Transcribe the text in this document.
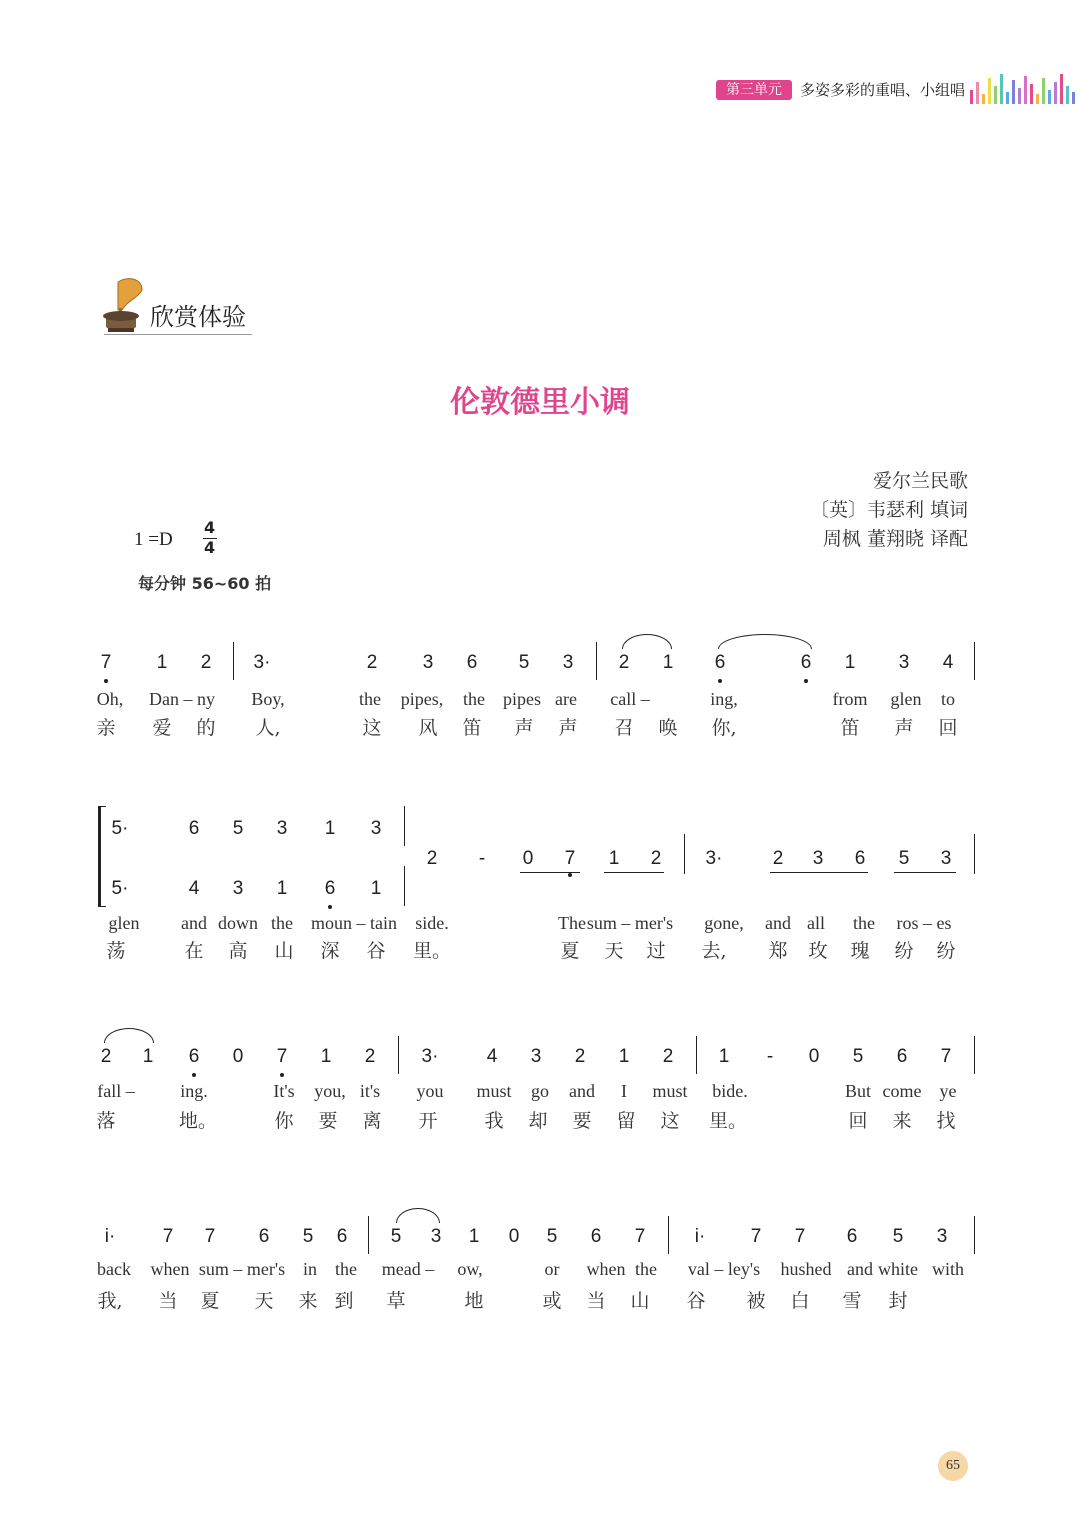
第三单元	多姿多彩的重唱、小组唱
欣赏体验
伦敦德里小调
爱尔兰民歌
〔英〕韦瑟利 填词
周枫 董翔晓 译配
1 =D
4
4
每分钟 56~60 拍
7 1 2 3·	2 3 6 5 3 2 1 6	6 1 3 4
Oh, Dan – ny Boy,	the pipes, the pipes are call –	ing,	from glen to
亲 爱 的 人,	这 风 笛 声 声 召 唤 你,	笛 声 回
5·	6 5 3 1 3
5·	4 3 1 6 1
2	-	0 7 1 2 3·	2 3 6 5 3
glen and down the moun – tain side.	The sum – mer's gone, and all the ros – es
荡	在 高 山 深 谷 里。	夏 天 过 去, 郑 玫 瑰 纷 纷
2 1 6 0 7 1 2 3·	4 3 2 1 2 1	-	0 5 6 7
fall –	ing.	It's you, it's you must go and I must bide.	But come ye
落	地。	你 要 离 开 我 却 要 留 这 里。	回 来 找
i· 7 7 6 5 6 5 3 1 0 5 6 7	i· 7 7 6 5 3
back when sum – mer's in the mead – ow,	or when the val – ley's hushed and white with
我, 当 夏 天 来 到 草	地	或 当 山 谷 被 白 雪 封
65
